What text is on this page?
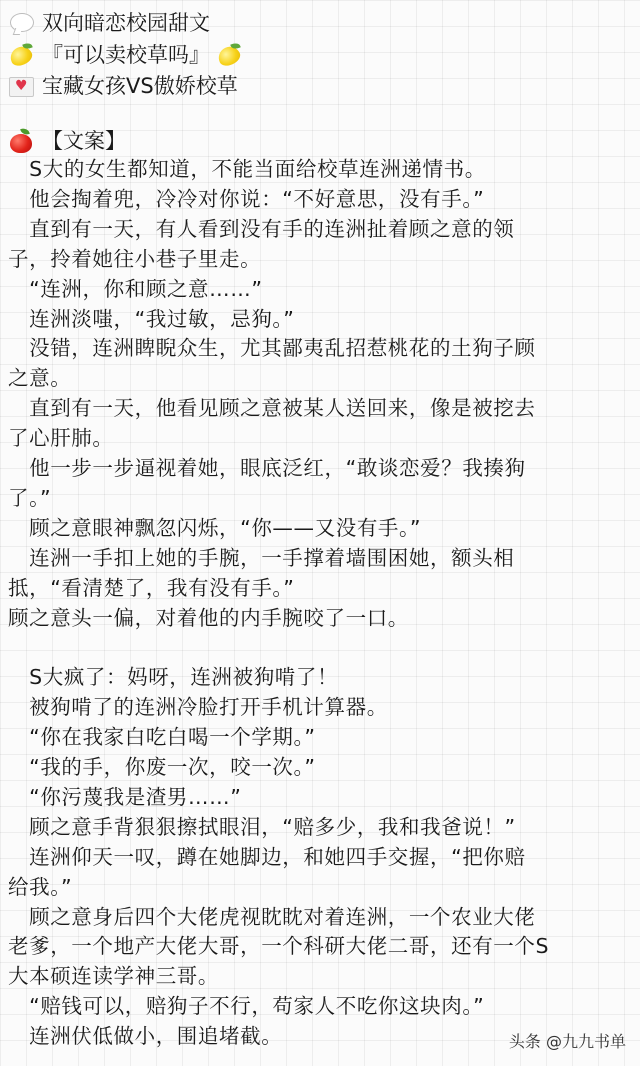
双向暗恋校园甜文
『可以卖校草吗』
♥
宝藏女孩VS傲娇校草
【文案】
　S大的女生都知道，不能当面给校草连洲递情书。
　他会掏着兜，冷冷对你说：“不好意思，没有手。”
　直到有一天，有人看到没有手的连洲扯着顾之意的领
子，拎着她往小巷子里走。
　“连洲，你和顾之意……”
　连洲淡嗤，“我过敏，忌狗。”
　没错，连洲睥睨众生，尤其鄙夷乱招惹桃花的土狗子顾
之意。
　直到有一天，他看见顾之意被某人送回来，像是被挖去
了心肝肺。
　他一步一步逼视着她，眼底泛红，“敢谈恋爱？我揍狗
了。”
　顾之意眼神飘忽闪烁，“你——又没有手。”
　连洲一手扣上她的手腕，一手撑着墙围困她，额头相
抵，“看清楚了，我有没有手。”
顾之意头一偏，对着他的内手腕咬了一口。
　S大疯了：妈呀，连洲被狗啃了！
　被狗啃了的连洲冷脸打开手机计算器。
　“你在我家白吃白喝一个学期。”
　“我的手，你废一次，咬一次。”
　“你污蔑我是渣男……”
　顾之意手背狠狠擦拭眼泪，“赔多少，我和我爸说！”
　连洲仰天一叹，蹲在她脚边，和她四手交握，“把你赔
给我。”
　顾之意身后四个大佬虎视眈眈对着连洲，一个农业大佬
老爹，一个地产大佬大哥，一个科研大佬二哥，还有一个S
大本硕连读学神三哥。
　“赔钱可以，赔狗子不行，苟家人不吃你这块肉。”
　连洲伏低做小，围追堵截。	头条 @九九书单
